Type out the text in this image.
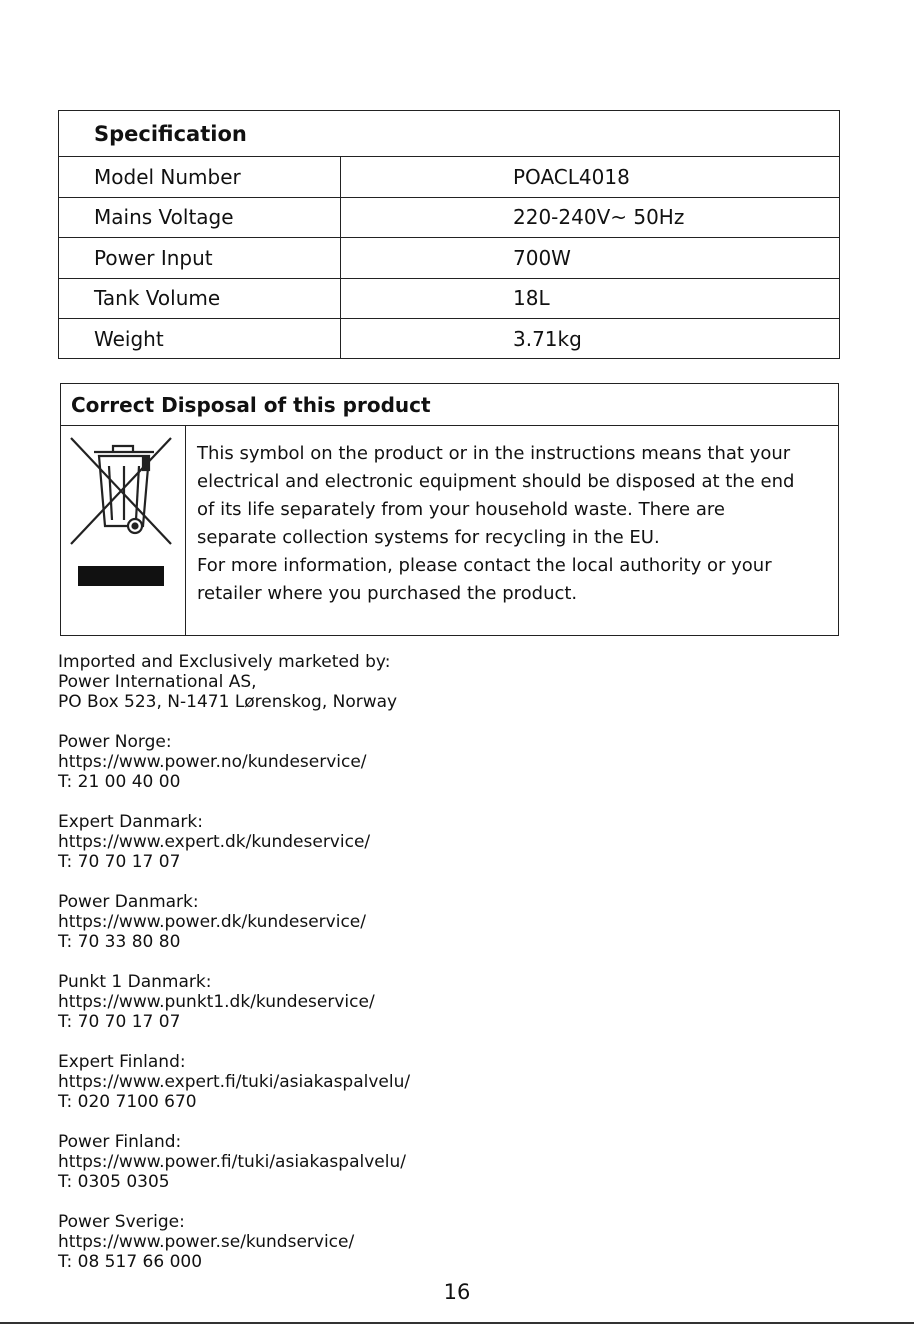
Specification
Model Number	POACL4018
Mains Voltage	220-240V~ 50Hz
Power Input	700W
Tank Volume	18L
Weight	3.71kg
Correct Disposal of this product

This symbol on the product or in the instructions means that your

electrical and electronic equipment should be disposed at the end

of its life separately from your household waste. There are

separate collection systems for recycling in the EU.

For more information, please contact the local authority or your

retailer where you purchased the product.

Imported and Exclusively marketed by:
Power International AS,
PO Box 523, N-1471 Lørenskog, Norway
Power Norge:
https://www.power.no/kundeservice/
T: 21 00 40 00
Expert Danmark:
https://www.expert.dk/kundeservice/
T: 70 70 17 07
Power Danmark:
https://www.power.dk/kundeservice/
T: 70 33 80 80
Punkt 1 Danmark:
https://www.punkt1.dk/kundeservice/
T: 70 70 17 07
Expert Finland:
https://www.expert.fi/tuki/asiakaspalvelu/
T: 020 7100 670
Power Finland:
https://www.power.fi/tuki/asiakaspalvelu/
T: 0305 0305
Power Sverige:
https://www.power.se/kundservice/
T: 08 517 66 000
16
